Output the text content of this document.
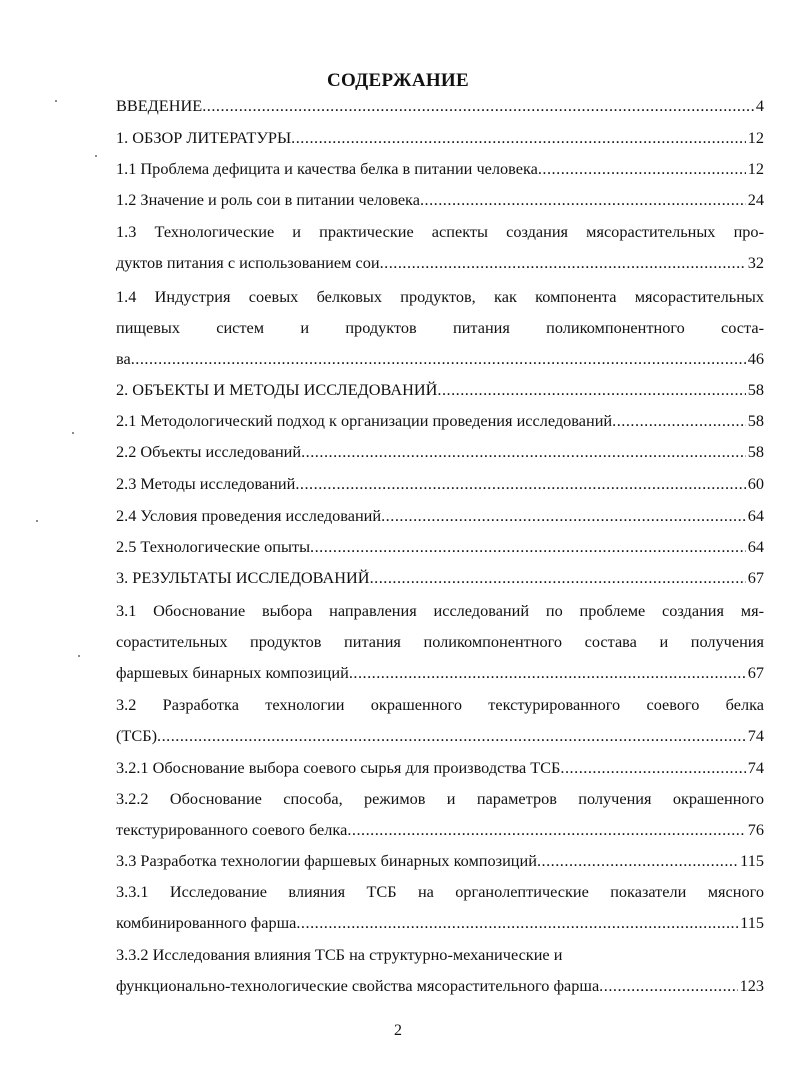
СОДЕРЖАНИЕ
ВВЕДЕНИЕ .....	4
1. ОБЗОР ЛИТЕРАТУРЫ .....	12
1.1 Проблема дефицита и качества белка в питании человека .....	12
1.2 Значение и роль сои в питании человека .....	24
1.3 Технологические и практические аспекты создания мясорастительных про-
дуктов питания с использованием сои .....	32
1.4 Индустрия соевых белковых продуктов, как компонента мясорастительных
пищевых систем и продуктов питания поликомпонентного соста-
ва .....	46
2. ОБЪЕКТЫ И МЕТОДЫ ИССЛЕДОВАНИЙ .....	58
2.1 Методологический подход к организации проведения исследований .....	58
2.2 Объекты исследований .....	58
2.3 Методы исследований .....	60
2.4 Условия проведения исследований .....	64
2.5 Технологические опыты .....	64
3. РЕЗУЛЬТАТЫ ИССЛЕДОВАНИЙ .....	67
3.1 Обоснование выбора направления исследований по проблеме создания мя-
сорастительных продуктов питания поликомпонентного состава и получения
фаршевых бинарных композиций .....	67
3.2 Разработка технологии окрашенного текстурированного соевого белка
(ТСБ) .....	74
3.2.1 Обоснование выбора соевого сырья для производства ТСБ .....	74
3.2.2 Обоснование способа, режимов и параметров получения окрашенного
текстурированного соевого белка .....	76
3.3 Разработка технологии фаршевых бинарных композиций .....	115
3.3.1 Исследование влияния ТСБ на органолептические показатели мясного
комбинированного фарша .....	115
3.3.2 Исследования влияния ТСБ на структурно-механические и
функционально-технологические свойства мясорастительного фарша .....	123
2
